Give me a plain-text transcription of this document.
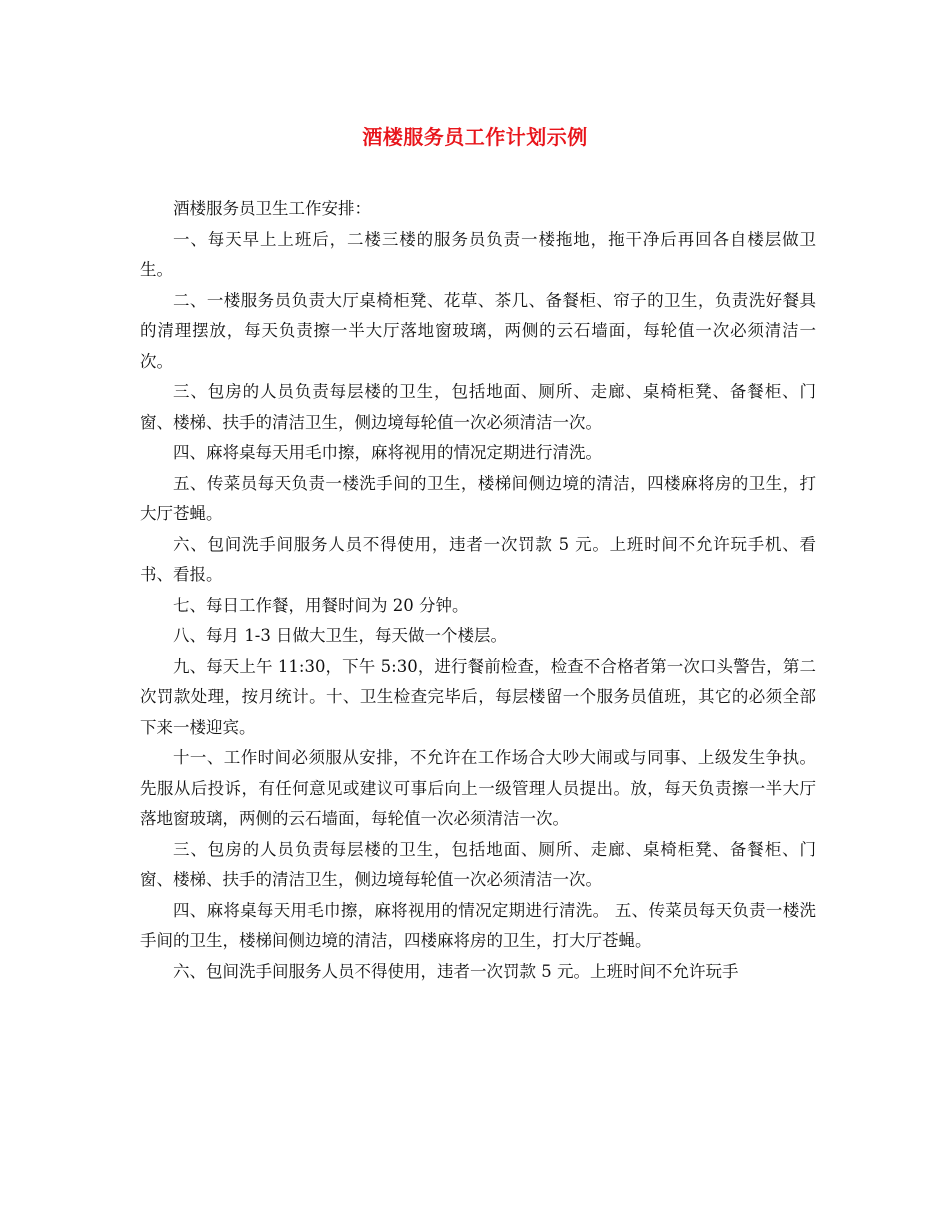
酒楼服务员工作计划示例

酒楼服务员卫生工作安排：

一、每天早上上班后，二楼三楼的服务员负责一楼拖地，拖干净后再回各自楼层做卫生。

二、一楼服务员负责大厅桌椅柜凳、花草、茶几、备餐柜、帘子的卫生，负责洗好餐具的清理摆放，每天负责擦一半大厅落地窗玻璃，两侧的云石墙面，每轮值一次必须清洁一次。

三、包房的人员负责每层楼的卫生，包括地面、厕所、走廊、桌椅柜凳、备餐柜、门窗、楼梯、扶手的清洁卫生，侧边境每轮值一次必须清洁一次。

四、麻将桌每天用毛巾擦，麻将视用的情况定期进行清洗。

五、传菜员每天负责一楼洗手间的卫生，楼梯间侧边境的清洁，四楼麻将房的卫生，打大厅苍蝇。

六、包间洗手间服务人员不得使用，违者一次罚款 5 元。上班时间不允许玩手机、看书、看报。

七、每日工作餐，用餐时间为 20 分钟。

八、每月 1-3 日做大卫生，每天做一个楼层。

九、每天上午 11:30，下午 5:30，进行餐前检查，检查不合格者第一次口头警告，第二次罚款处理，按月统计。十、卫生检查完毕后，每层楼留一个服务员值班，其它的必须全部下来一楼迎宾。

十一、工作时间必须服从安排，不允许在工作场合大吵大闹或与同事、上级发生争执。先服从后投诉，有任何意见或建议可事后向上一级管理人员提出。放，每天负责擦一半大厅落地窗玻璃，两侧的云石墙面，每轮值一次必须清洁一次。

三、包房的人员负责每层楼的卫生，包括地面、厕所、走廊、桌椅柜凳、备餐柜、门窗、楼梯、扶手的清洁卫生，侧边境每轮值一次必须清洁一次。

四、麻将桌每天用毛巾擦，麻将视用的情况定期进行清洗。 五、传菜员每天负责一楼洗手间的卫生，楼梯间侧边境的清洁，四楼麻将房的卫生，打大厅苍蝇。

六、包间洗手间服务人员不得使用，违者一次罚款 5 元。上班时间不允许玩手
